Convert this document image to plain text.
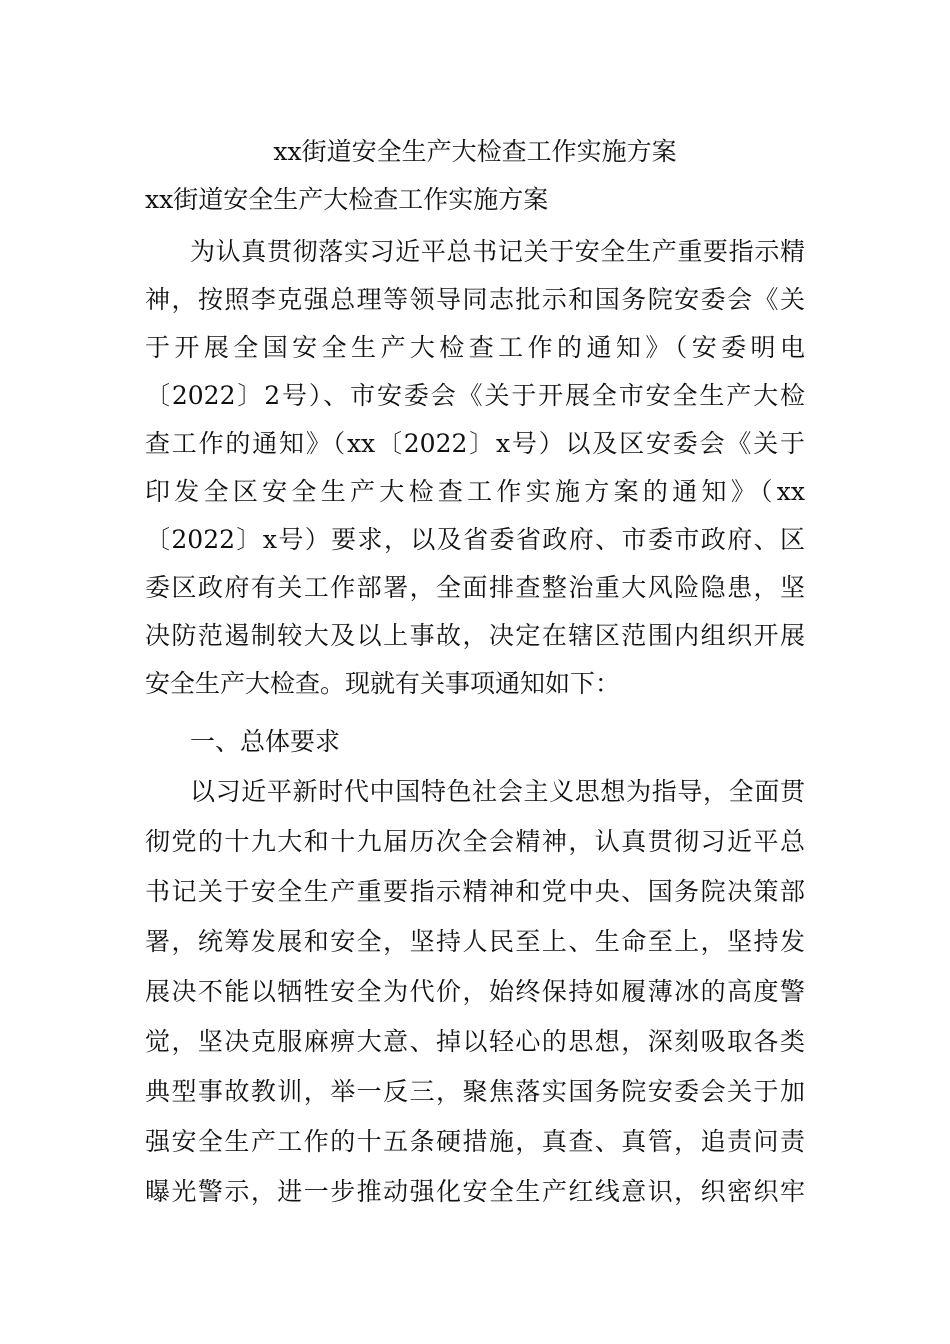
xx街道安全生产大检查工作实施方案
xx街道安全生产大检查工作实施方案
为认真贯彻落实习近平总书记关于安全生产重要指示精
神，按照李克强总理等领导同志批示和国务院安委会《关
于开展全国安全生产大检查工作的通知》（安委明电
〔2022〕2号）、市安委会《关于开展全市安全生产大检
查工作的通知》（xx〔2022〕x号）以及区安委会《关于
印发全区安全生产大检查工作实施方案的通知》（xx
〔2022〕x号）要求，以及省委省政府、市委市政府、区
委区政府有关工作部署，全面排查整治重大风险隐患，坚
决防范遏制较大及以上事故，决定在辖区范围内组织开展
安全生产大检查。现就有关事项通知如下：
一、总体要求
以习近平新时代中国特色社会主义思想为指导，全面贯
彻党的十九大和十九届历次全会精神，认真贯彻习近平总
书记关于安全生产重要指示精神和党中央、国务院决策部
署，统筹发展和安全，坚持人民至上、生命至上，坚持发
展决不能以牺牲安全为代价，始终保持如履薄冰的高度警
觉，坚决克服麻痹大意、掉以轻心的思想，深刻吸取各类
典型事故教训，举一反三，聚焦落实国务院安委会关于加
强安全生产工作的十五条硬措施，真查、真管，追责问责
曝光警示，进一步推动强化安全生产红线意识，织密织牢
